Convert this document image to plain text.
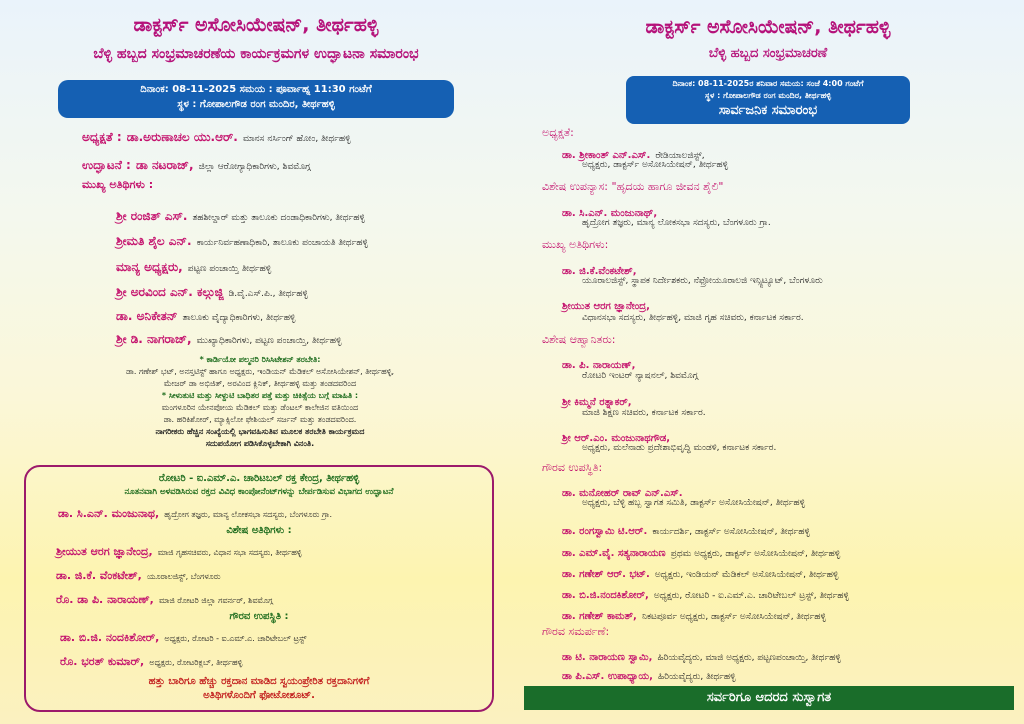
ಡಾಕ್ಟರ್ಸ್ ಅಸೋಸಿಯೇಷನ್, ತೀರ್ಥಹಳ್ಳಿ
ಬೆಳ್ಳಿ ಹಬ್ಬದ ಸಂಭ್ರಮಾಚರಣೆಯ ಕಾರ್ಯಕ್ರಮಗಳ ಉದ್ಘಾಟನಾ ಸಮಾರಂಭ
ದಿನಾಂಕ: 08-11-2025 ಸಮಯ : ಪೂರ್ವಾಹ್ನ 11:30 ಗಂಟೆಗೆ
ಸ್ಥಳ : ಗೋಪಾಲಗೌಡ ರಂಗ ಮಂದಿರ, ತೀರ್ಥಹಳ್ಳಿ
ಅಧ್ಯಕ್ಷತೆ : ಡಾ.ಅರುಣಾಚಲ ಯು.ಆರ್. ಮಾನಸ ನರ್ಸಿಂಗ್ ಹೋಂ, ತೀರ್ಥಹಳ್ಳಿ
ಉದ್ಘಾಟನೆ : ಡಾ ನಟರಾಜ್, ಜಿಲ್ಲಾ ಆರೋಗ್ಯಾಧಿಕಾರಿಗಳು, ಶಿವಮೊಗ್ಗ
ಮುಖ್ಯ ಅತಿಥಿಗಳು :
ಶ್ರೀ ರಂಜಿತ್ ಎಸ್. ತಹಶೀಲ್ದಾರ್ ಮತ್ತು ತಾಲೂಕು ದಂಡಾಧಿಕಾರಿಗಳು, ತೀರ್ಥಹಳ್ಳಿ
ಶ್ರೀಮತಿ ಶೈಲ ಎನ್. ಕಾರ್ಯನಿರ್ವಹಣಾಧಿಕಾರಿ, ತಾಲೂಕು ಪಂಚಾಯತಿ ತೀರ್ಥಹಳ್ಳಿ
ಮಾನ್ಯ ಅಧ್ಯಕ್ಷರು, ಪಟ್ಟಣ ಪಂಚಾಯ್ತಿ ತೀರ್ಥಹಳ್ಳಿ
ಶ್ರೀ ಅರವಿಂದ ಎನ್. ಕಲ್ಗುಜ್ಜಿ ಡಿ.ವೈ.ಎಸ್.ಪಿ., ತೀರ್ಥಹಳ್ಳಿ
ಡಾ. ಅನಿಕೇತನ್ ತಾಲೂಕು ವೈದ್ಯಾಧಿಕಾರಿಗಳು, ತೀರ್ಥಹಳ್ಳಿ
ಶ್ರೀ ಡಿ. ನಾಗರಾಜ್, ಮುಖ್ಯಾಧಿಕಾರಿಗಳು, ಪಟ್ಟಣ ಪಂಚಾಯ್ತಿ, ತೀರ್ಥಹಳ್ಳಿ
* ಕಾರ್ಡಿಯೋ ಪಲ್ಮನರಿ ರಿಸಿಸಿಟೇಶನ್ ತರಬೇತಿ:
ಡಾ. ಗಣೇಶ್ ಭಟ್, ಅನಸ್ತಟಿಸ್ಟ್ ಹಾಗೂ ಅಧ್ಯಕ್ಷರು, ಇಂಡಿಯನ್ ಮೆಡಿಕಲ್ ಅಸೋಸಿಯೇಶನ್, ತೀರ್ಥಹಳ್ಳಿ,
ಮೇಜರ್ ಡಾ ಅಭಿಜಿತ್, ಅರವಿಂದ ಕ್ಲಿನಿಕ್, ತೀರ್ಥಹಳ್ಳಿ ಮತ್ತು ತಂಡದವರಿಂದ
* ಸೀಳುತುಟಿ ಮತ್ತು ಸೀಳ್ದುಟಿ ಬಾಧಿತರ ಪತ್ತೆ ಮತ್ತು ಚಿಕಿತ್ಸೆಯ ಬಗ್ಗೆ ಮಾಹಿತಿ :
ಮಂಗಳೂರಿನ ಯೇನಪೋಯ ಮೆಡಿಕಲ್ ಮತ್ತು ಡೆಂಟಲ್ ಕಾಲೇಜಿನ ವತಿಯಿಂದ
ಡಾ. ಹರಿಕಿಶೋರ್, ಮ್ಯಾಕ್ಸಿಲೋ ಫೇಶಿಯಲ್ ಸರ್ಜನ್ ಮತ್ತು ತಂಡದವರಿಂದ.
ನಾಗರೀಕರು ಹೆಚ್ಚಿನ ಸಂಖ್ಯೆಯಲ್ಲಿ ಭಾಗವಹಿಸುತಿವ ಮೂಲಕ ತರಬೇತಿ ಕಾರ್ಯಕ್ರಮದ
ಸದುಪಯೋಗ ಪಡಿಸಿಕೊಳ್ಳಬೇಕಾಗಿ ವಿನಂತಿ.
ರೋಟರಿ - ಐ.ಎಮ್.ಎ. ಚಾರಿಟಬಲ್ ರಕ್ತ ಕೇಂದ್ರ, ತೀರ್ಥಹಳ್ಳಿ
ನೂತನವಾಗಿ ಅಳವಡಿಸಿರುವ ರಕ್ತದ ವಿವಿಧ ಕಾಂಪೋನೆಂಟ್‌ಗಳನ್ನು ಬೇರ್ಪಡಿಸುವ ವಿಭಾಗದ ಉದ್ಘಾಟನೆ
ಡಾ. ಸಿ.ಎನ್. ಮಂಜುನಾಥ, ಹೃದ್ರೋಗ ತಜ್ಞರು, ಮಾನ್ಯ ಲೋಕಸಭಾ ಸದಸ್ಯರು, ಬೆಂಗಳೂರು ಗ್ರಾ.
ವಿಶೇಷ ಅತಿಥಿಗಳು :
ಶ್ರೀಯುತ ಆರಗ ಜ್ಞಾನೇಂದ್ರ, ಮಾಜಿ ಗೃಹಸಚಿವರು, ವಿಧಾನ ಸಭಾ ಸದಸ್ಯರು, ತೀರ್ಥಹಳ್ಳಿ
ಡಾ. ಜಿ.ಕೆ. ವೆಂಕಟೇಶ್, ಯೂರಾಲಜಿಸ್ಟ್, ಬೆಂಗಳೂರು
ರೊ. ಡಾ ಪಿ. ನಾರಾಯಣ್, ಮಾಜಿ ರೋಟರಿ ಜಿಲ್ಲಾ ಗವರ್ನರ್, ಶಿವಮೊಗ್ಗ
ಗೌರವ ಉಪಸ್ಥಿತಿ :
ಡಾ. ಬಿ.ಜಿ. ನಂದಕಿಶೋರ್, ಅಧ್ಯಕ್ಷರು, ರೋಟರಿ - ಐ.ಎಮ್.ಎ. ಚಾರಿಟೇಬಲ್ ಟ್ರಸ್ಟ್
ರೊ. ಭರತ್ ಕುಮಾರ್, ಅಧ್ಯಕ್ಷರು, ರೋಟರಿಕ್ಲಬ್, ತೀರ್ಥಹಳ್ಳಿ
ಹತ್ತು ಬಾರಿಗೂ ಹೆಚ್ಚು ರಕ್ತದಾನ ಮಾಡಿದ ಸ್ವಯಂಪ್ರೇರಿತ ರಕ್ತದಾನಿಗಳಿಗೆ
ಅತಿಥಿಗಳೊಂದಿಗೆ ಫೋಟೋಶೂಟ್.
ಡಾಕ್ಟರ್ಸ್ ಅಸೋಸಿಯೇಷನ್, ತೀರ್ಥಹಳ್ಳಿ
ಬೆಳ್ಳಿ ಹಬ್ಬದ ಸಂಭ್ರಮಾಚರಣೆ
ದಿನಾಂಕ: 08-11-2025ರ ಶನಿವಾರ ಸಮಯ: ಸಂಜೆ 4:00 ಗಂಟೆಗೆ
ಸ್ಥಳ : ಗೋಪಾಲಗೌಡ ರಂಗ ಮಂದಿರ, ತೀರ್ಥಹಳ್ಳಿ
ಸಾರ್ವಜನಿಕ ಸಮಾರಂಭ
ಅಧ್ಯಕ್ಷತೆ:
ಡಾ. ಶ್ರೀಕಾಂತ್ ಎನ್.ಎಸ್. ರೇಡಿಯಾಲಜಿಸ್ಟ್,
ಅಧ್ಯಕ್ಷರು, ಡಾಕ್ಟರ್ಸ್ ಅಸೋಸಿಯೇಷನ್, ತೀರ್ಥಹಳ್ಳಿ
ವಿಶೇಷ ಉಪನ್ಯಾಸ: "ಹೃದಯ ಹಾಗೂ ಜೀವನ ಶೈಲಿ"
ಡಾ. ಸಿ.ಎನ್. ಮಂಜುನಾಥ್,
ಹೃದ್ರೋಗ ತಜ್ಞರು, ಮಾನ್ಯ ಲೋಕಸಭಾ ಸದಸ್ಯರು, ಬೆಂಗಳೂರು ಗ್ರಾ.
ಮುಖ್ಯ ಅತಿಥಿಗಳು:
ಡಾ. ಜಿ.ಕೆ.ವೆಂಕಟೇಶ್,
ಯೂರಾಲಜಿಸ್ಟ್, ಸ್ಥಾಪಕ ನಿರ್ದೇಶಕರು, ನೆಫ್ರೋಯೂರಾಲಜಿ ಇನ್ಸ್ಟಿಟ್ಯೂಟ್, ಬೆಂಗಳೂರು
ಶ್ರೀಯುತ ಆರಗ ಜ್ಞಾನೇಂದ್ರ,
ವಿಧಾನಸಭಾ ಸದಸ್ಯರು, ತೀರ್ಥಹಳ್ಳಿ, ಮಾಜಿ ಗೃಹ ಸಚಿವರು, ಕರ್ನಾಟಕ ಸರ್ಕಾರ.
ವಿಶೇಷ ಆಹ್ವಾನಿತರು:
ಡಾ. ಪಿ. ನಾರಾಯಣ್,
ರೋಟರಿ ಇಂಟರ್ ನ್ಯಾಷನಲ್, ಶಿವಮೊಗ್ಗ
ಶ್ರೀ ಕಿಮ್ಮನೆ ರತ್ನಾಕರ್,
ಮಾಜಿ ಶಿಕ್ಷಣ ಸಚಿವರು, ಕರ್ನಾಟಕ ಸರ್ಕಾರ.
ಶ್ರೀ ಆರ್.ಎಂ. ಮಂಜುನಾಥಗೌಡ,
ಅಧ್ಯಕ್ಷರು, ಮಲೆನಾಡು ಪ್ರದೇಶಾಭಿವೃದ್ಧಿ ಮಂಡಳಿ, ಕರ್ನಾಟಕ ಸರ್ಕಾರ.
ಗೌರವ ಉಪಸ್ಥಿತಿ:
ಡಾ. ಮನೋಹರ್ ರಾವ್ ಎನ್.ಎಸ್.
ಅಧ್ಯಕ್ಷರು, ಬೆಳ್ಳಿ ಹಬ್ಬ ಸ್ವಾಗತ ಸಮಿತಿ, ಡಾಕ್ಟರ್ಸ್ ಅಸೋಸಿಯೇಷನ್, ತೀರ್ಥಹಳ್ಳಿ
ಡಾ. ರಂಗಸ್ವಾಮಿ ಟಿ.ಆರ್. ಕಾರ್ಯದರ್ಶಿ, ಡಾಕ್ಟರ್ಸ್ ಅಸೋಸಿಯೇಷನ್, ತೀರ್ಥಹಳ್ಳಿ
ಡಾ. ಎಮ್.ವೈ. ಸತ್ಯನಾರಾಯಣ ಪ್ರಥಮ ಅಧ್ಯಕ್ಷರು, ಡಾಕ್ಟರ್ಸ್ ಅಸೋಸಿಯೇಷನ್, ತೀರ್ಥಹಳ್ಳಿ
ಡಾ. ಗಣೇಶ್ ಆರ್. ಭಟ್. ಅಧ್ಯಕ್ಷರು, ಇಂಡಿಯನ್ ಮೆಡಿಕಲ್ ಅಸೋಸಿಯೇಷನ್, ತೀರ್ಥಹಳ್ಳಿ
ಡಾ. ಬಿ.ಜಿ.ನಂದಕಿಶೋರ್, ಅಧ್ಯಕ್ಷರು, ರೋಟರಿ - ಐ.ಎಮ್.ಎ. ಚಾರಿಟೇಬಲ್ ಟ್ರಸ್ಟ್, ತೀರ್ಥಹಳ್ಳಿ
ಡಾ. ಗಣೇಶ್ ಕಾಮತ್, ನಿಕಟಪೂರ್ವ ಅಧ್ಯಕ್ಷರು, ಡಾಕ್ಟರ್ಸ್ ಅಸೋಸಿಯೇಷನ್, ತೀರ್ಥಹಳ್ಳಿ
ಗೌರವ ಸಮರ್ಪಣೆ:
ಡಾ ಟಿ. ನಾರಾಯಣ ಸ್ವಾಮಿ, ಹಿರಿಯವೈದ್ಯರು, ಮಾಜಿ ಅಧ್ಯಕ್ಷರು, ಪಟ್ಟಣಪಂಚಾಯ್ತಿ, ತೀರ್ಥಹಳ್ಳಿ
ಡಾ ಪಿ.ಎಸ್. ಉಪಾಧ್ಯಾಯ, ಹಿರಿಯವೈದ್ಯರು, ತೀರ್ಥಹಳ್ಳಿ
ಸರ್ವರಿಗೂ ಆದರದ ಸುಸ್ವಾಗತ
